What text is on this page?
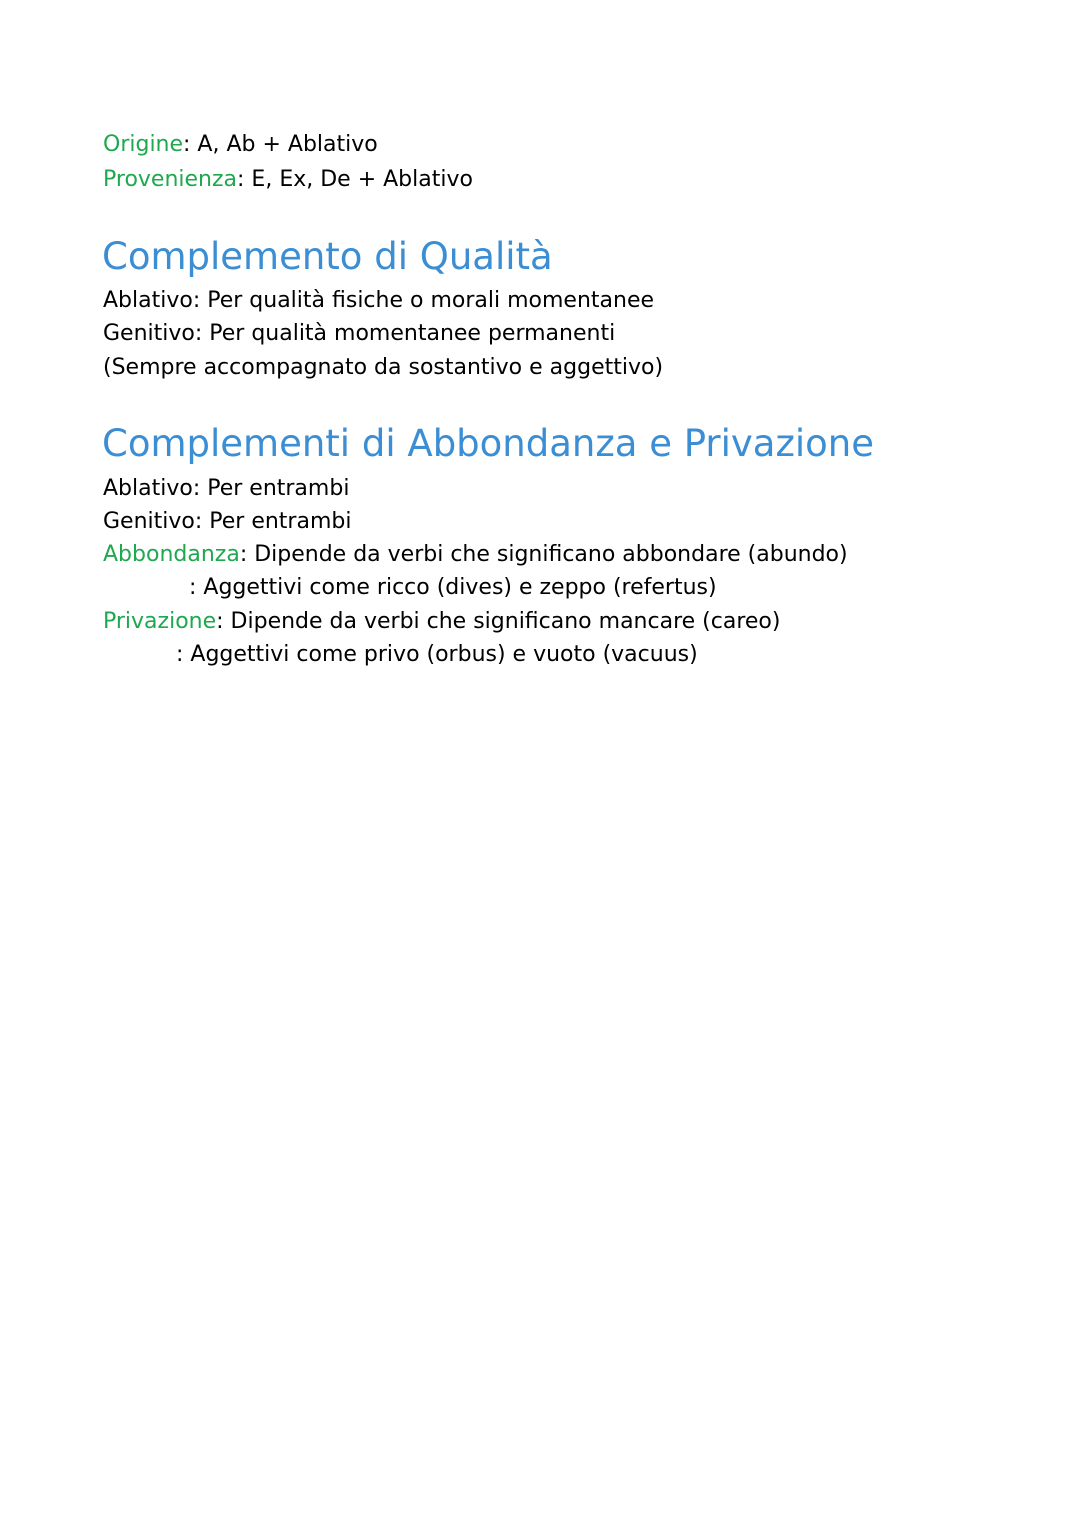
Origine: A, Ab + Ablativo
Provenienza: E, Ex, De + Ablativo
Complemento di Qualità
Ablativo: Per qualità fisiche o morali momentanee
Genitivo: Per qualità momentanee permanenti
(Sempre accompagnato da sostantivo e aggettivo)
Complementi di Abbondanza e Privazione
Ablativo: Per entrambi
Genitivo: Per entrambi
Abbondanza: Dipende da verbi che significano abbondare (abundo)
: Aggettivi come ricco (dives) e zeppo (refertus)
Privazione: Dipende da verbi che significano mancare (careo)
: Aggettivi come privo (orbus) e vuoto (vacuus)
